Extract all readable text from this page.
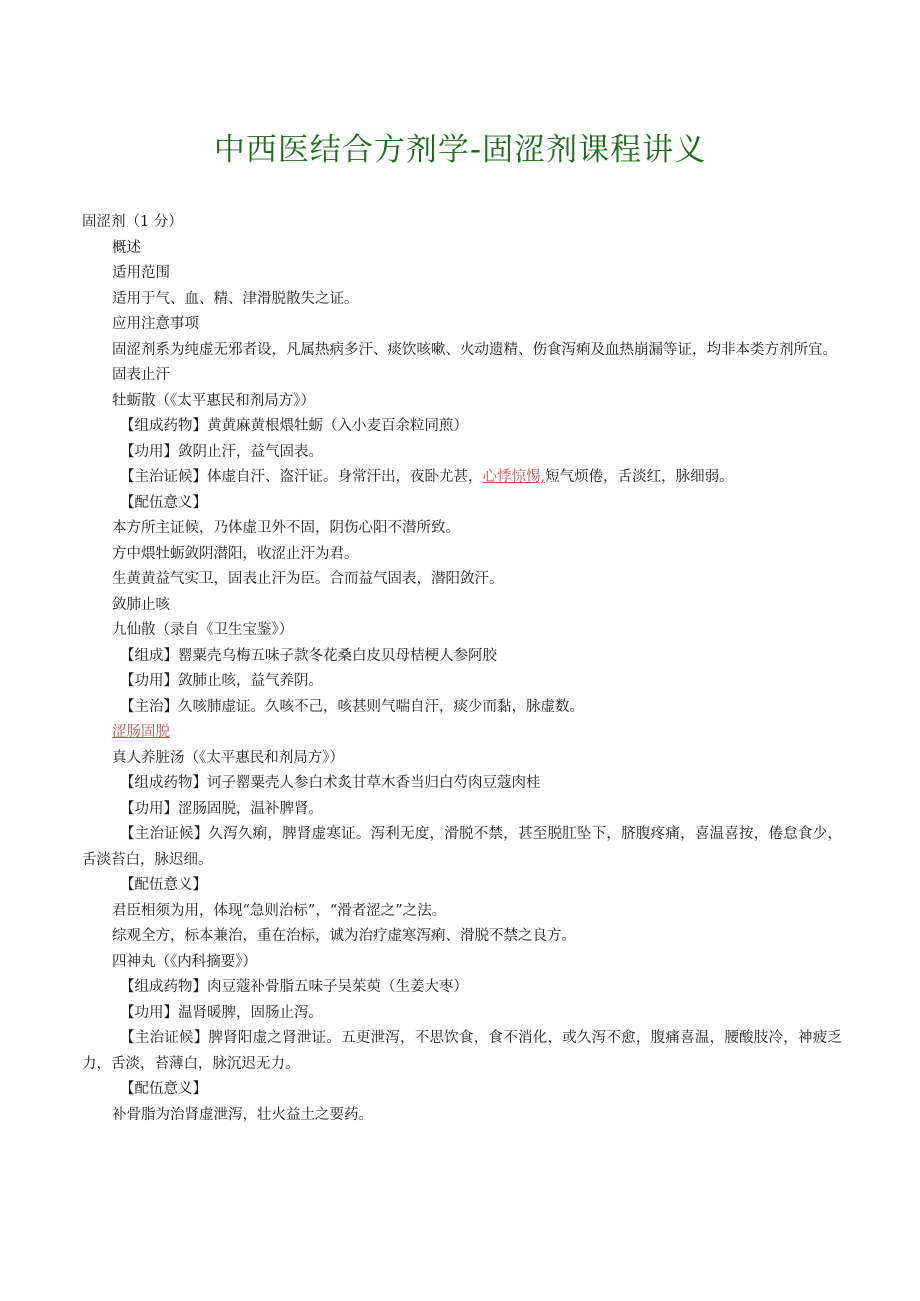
中西医结合方剂学-固涩剂课程讲义
固涩剂（1 分）
概述
适用范围
适用于气、血、精、津滑脱散失之证。
应用注意事项
固涩剂系为纯虚无邪者设，凡属热病多汗、痰饮咳嗽、火动遗精、伤食泻痢及血热崩漏等证，均非本类方剂所宜。
固表止汗
牡蛎散（《太平惠民和剂局方》）
【组成药物】黄黄麻黄根煨牡蛎（入小麦百余粒同煎）
【功用】敛阴止汗，益气固表。
【主治证候】体虚自汗、盗汗证。身常汗出，夜卧尤甚，心悸惊惕,短气烦倦，舌淡红，脉细弱。
【配伍意义】
本方所主证候，乃体虚卫外不固，阴伤心阳不潜所致。
方中煨牡蛎敛阴潜阳，收涩止汗为君。
生黄黄益气实卫，固表止汗为臣。合而益气固表，潜阳敛汗。
敛肺止咳
九仙散（录自《卫生宝鉴》）
【组成】罂粟壳乌梅五味子款冬花桑白皮贝母桔梗人参阿胶
【功用】敛肺止咳，益气养阴。
【主治】久咳肺虚证。久咳不己，咳甚则气喘自汗，痰少而黏，脉虚数。
涩肠固脱
真人养脏汤（《太平惠民和剂局方》）
【组成药物】诃子罂粟壳人参白术炙甘草木香当归白芍肉豆蔻肉桂
【功用】涩肠固脱，温补脾肾。
【主治证候】久泻久痢，脾肾虚寒证。泻利无度，滑脱不禁，甚至脱肛坠下，脐腹疼痛，喜温喜按，倦怠食少，舌淡苔白，脉迟细。
【配伍意义】
君臣相须为用，体现“急则治标”，“滑者涩之”之法。
综观全方，标本兼治，重在治标，诚为治疗虚寒泻痢、滑脱不禁之良方。
四神丸（《内科摘要》）
【组成药物】肉豆蔻补骨脂五味子吴茱萸（生姜大枣）
【功用】温肾暖脾，固肠止泻。
【主治证候】脾肾阳虚之肾泄证。五更泄泻，不思饮食，食不消化，或久泻不愈，腹痛喜温，腰酸肢冷，神疲乏力，舌淡，苔薄白，脉沉迟无力。
【配伍意义】
补骨脂为治肾虚泄泻，壮火益土之要药。
